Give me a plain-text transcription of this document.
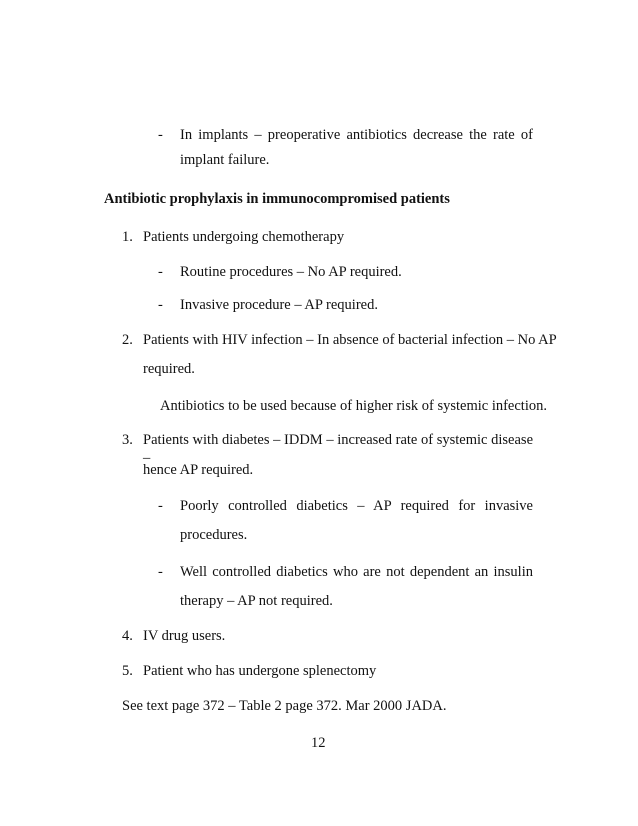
- In implants – preoperative antibiotics decrease the rate of
implant failure.
Antibiotic prophylaxis in immunocompromised patients
1. Patients undergoing chemotherapy
- Routine procedures – No AP required.
- Invasive procedure – AP required.
2. Patients with HIV infection – In absence of bacterial infection – No AP
required.
Antibiotics to be used because of higher risk of systemic infection.
3. Patients with diabetes – IDDM – increased rate of systemic disease –
hence AP required.
- Poorly controlled diabetics – AP required for invasive
procedures.
- Well controlled diabetics who are not dependent an insulin
therapy – AP not required.
4. IV drug users.
5. Patient who has undergone splenectomy
See text page 372 – Table 2 page 372. Mar 2000 JADA.
12
